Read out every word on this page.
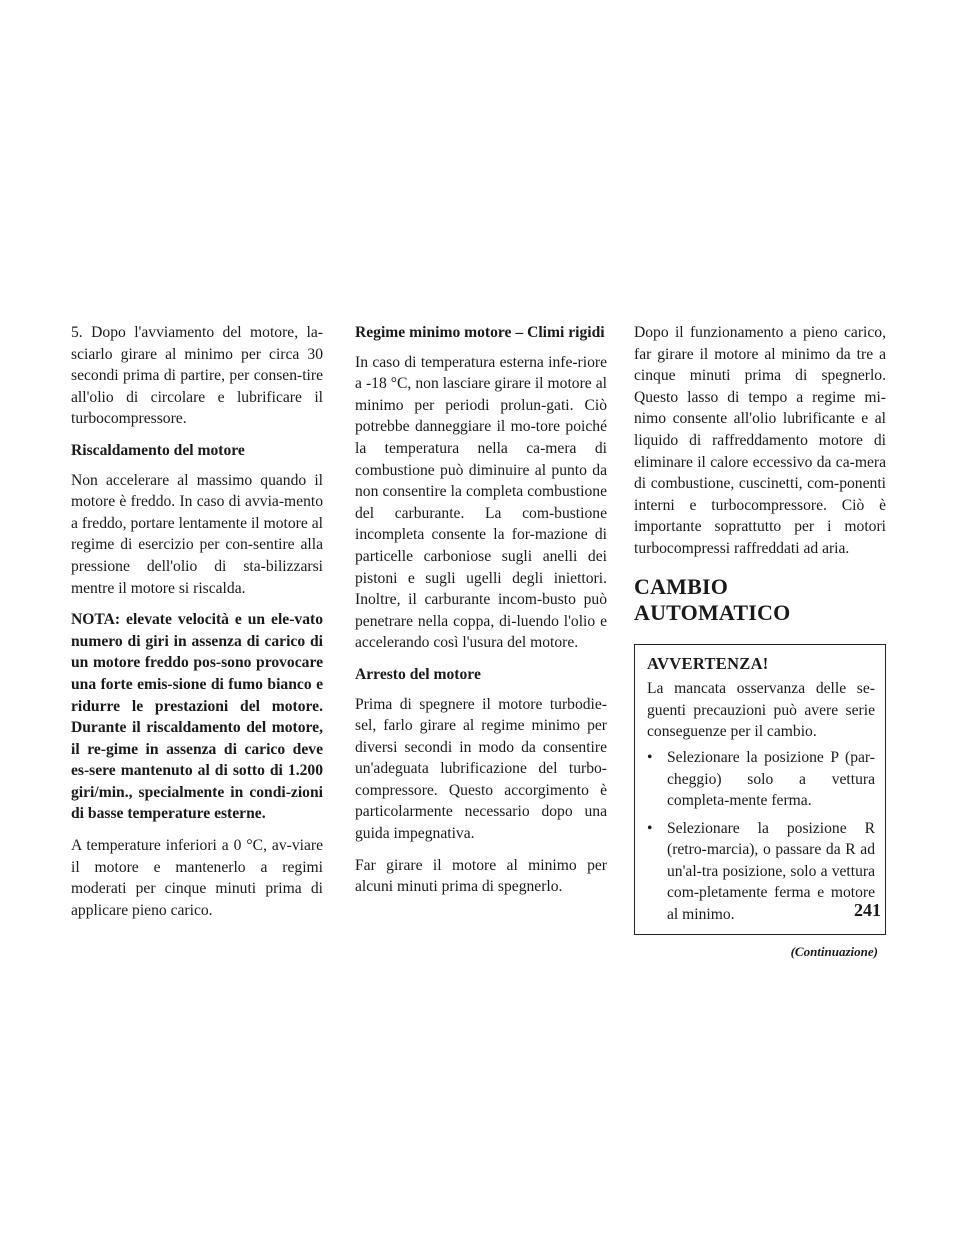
5. Dopo l'avviamento del motore, la-sciarlo girare al minimo per circa 30 secondi prima di partire, per consen-tire all'olio di circolare e lubrificare il turbocompressore.

Riscaldamento del motore

Non accelerare al massimo quando il motore è freddo. In caso di avvia-mento a freddo, portare lentamente il motore al regime di esercizio per con-sentire alla pressione dell'olio di sta-bilizzarsi mentre il motore si riscalda.

NOTA: elevate velocità e un ele-vato numero di giri in assenza di carico di un motore freddo pos-sono provocare una forte emis-sione di fumo bianco e ridurre le prestazioni del motore. Durante il riscaldamento del motore, il re-gime in assenza di carico deve es-sere mantenuto al di sotto di 1.200 giri/min., specialmente in condi-zioni di basse temperature esterne.

A temperature inferiori a 0 °C, av-viare il motore e mantenerlo a regimi moderati per cinque minuti prima di applicare pieno carico.

Regime minimo motore – Climi rigidi

In caso di temperatura esterna infe-riore a -18 °C, non lasciare girare il motore al minimo per periodi prolun-gati. Ciò potrebbe danneggiare il mo-tore poiché la temperatura nella ca-mera di combustione può diminuire al punto da non consentire la completa combustione del carburante. La com-bustione incompleta consente la for-mazione di particelle carboniose sugli anelli dei pistoni e sugli ugelli degli iniettori. Inoltre, il carburante incom-busto può penetrare nella coppa, di-luendo l'olio e accelerando così l'usura del motore.

Arresto del motore

Prima di spegnere il motore turbodie-sel, farlo girare al regime minimo per diversi secondi in modo da consentire un'adeguata lubrificazione del turbo-compressore. Questo accorgimento è particolarmente necessario dopo una guida impegnativa.

Far girare il motore al minimo per alcuni minuti prima di spegnerlo.

Dopo il funzionamento a pieno carico, far girare il motore al minimo da tre a cinque minuti prima di spegnerlo. Questo lasso di tempo a regime mi-nimo consente all'olio lubrificante e al liquido di raffreddamento motore di eliminare il calore eccessivo da ca-mera di combustione, cuscinetti, com-ponenti interni e turbocompressore. Ciò è importante soprattutto per i motori turbocompressi raffreddati ad aria.

CAMBIO AUTOMATICO
AVVERTENZA!

La mancata osservanza delle se-guenti precauzioni può avere serie conseguenze per il cambio.

• Selezionare la posizione P (par-cheggio) solo a vettura completa-mente ferma.
• Selezionare la posizione R (retro-marcia), o passare da R ad un'al-tra posizione, solo a vettura com-pletamente ferma e motore al minimo.
(Continuazione)
241
